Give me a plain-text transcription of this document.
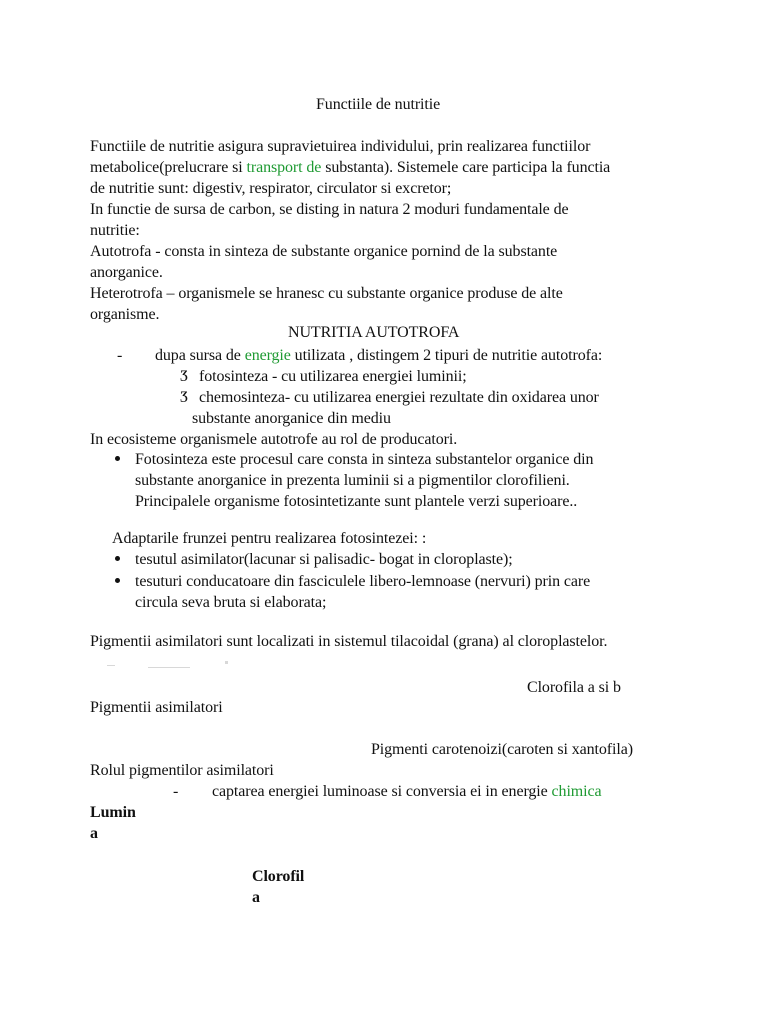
Functiile de nutritie
Functiile de nutritie asigura supravietuirea individului, prin realizarea functiilor
metabolice(prelucrare si transport de substanta). Sistemele care participa la functia
de nutritie sunt: digestiv, respirator, circulator si excretor;
In functie de sursa de carbon, se disting in natura 2 moduri fundamentale de
nutritie:
Autotrofa - consta in sinteza de substante organice pornind de la substante
anorganice.
Heterotrofa – organismele se hranesc cu substante organice produse de alte
organisme.
NUTRITIA AUTOTROFA
- dupa sursa de energie utilizata , distingem 2 tipuri de nutritie autotrofa:
Ӡ fotosinteza - cu utilizarea energiei luminii;
Ӡ chemosinteza- cu utilizarea energiei rezultate din oxidarea unor
substante anorganice din mediu
In ecosisteme organismele autotrofe au rol de producatori.
Fotosinteza este procesul care consta in sinteza substantelor organice din
substante anorganice in prezenta luminii si a pigmentilor clorofilieni.
Principalele organisme fotosintetizante sunt plantele verzi superioare..
Adaptarile frunzei pentru realizarea fotosintezei: :
tesutul asimilator(lacunar si palisadic- bogat in cloroplaste);
tesuturi conducatoare din fasciculele libero-lemnoase (nervuri) prin care
circula seva bruta si elaborata;
Pigmentii asimilatori sunt localizati in sistemul tilacoidal (grana) al cloroplastelor.
Clorofila a si b
Pigmentii asimilatori
Pigmenti carotenoizi(caroten si xantofila)
Rolul pigmentilor asimilatori
- captarea energiei luminoase si conversia ei in energie chimica
Lumin
a
Clorofil
a
